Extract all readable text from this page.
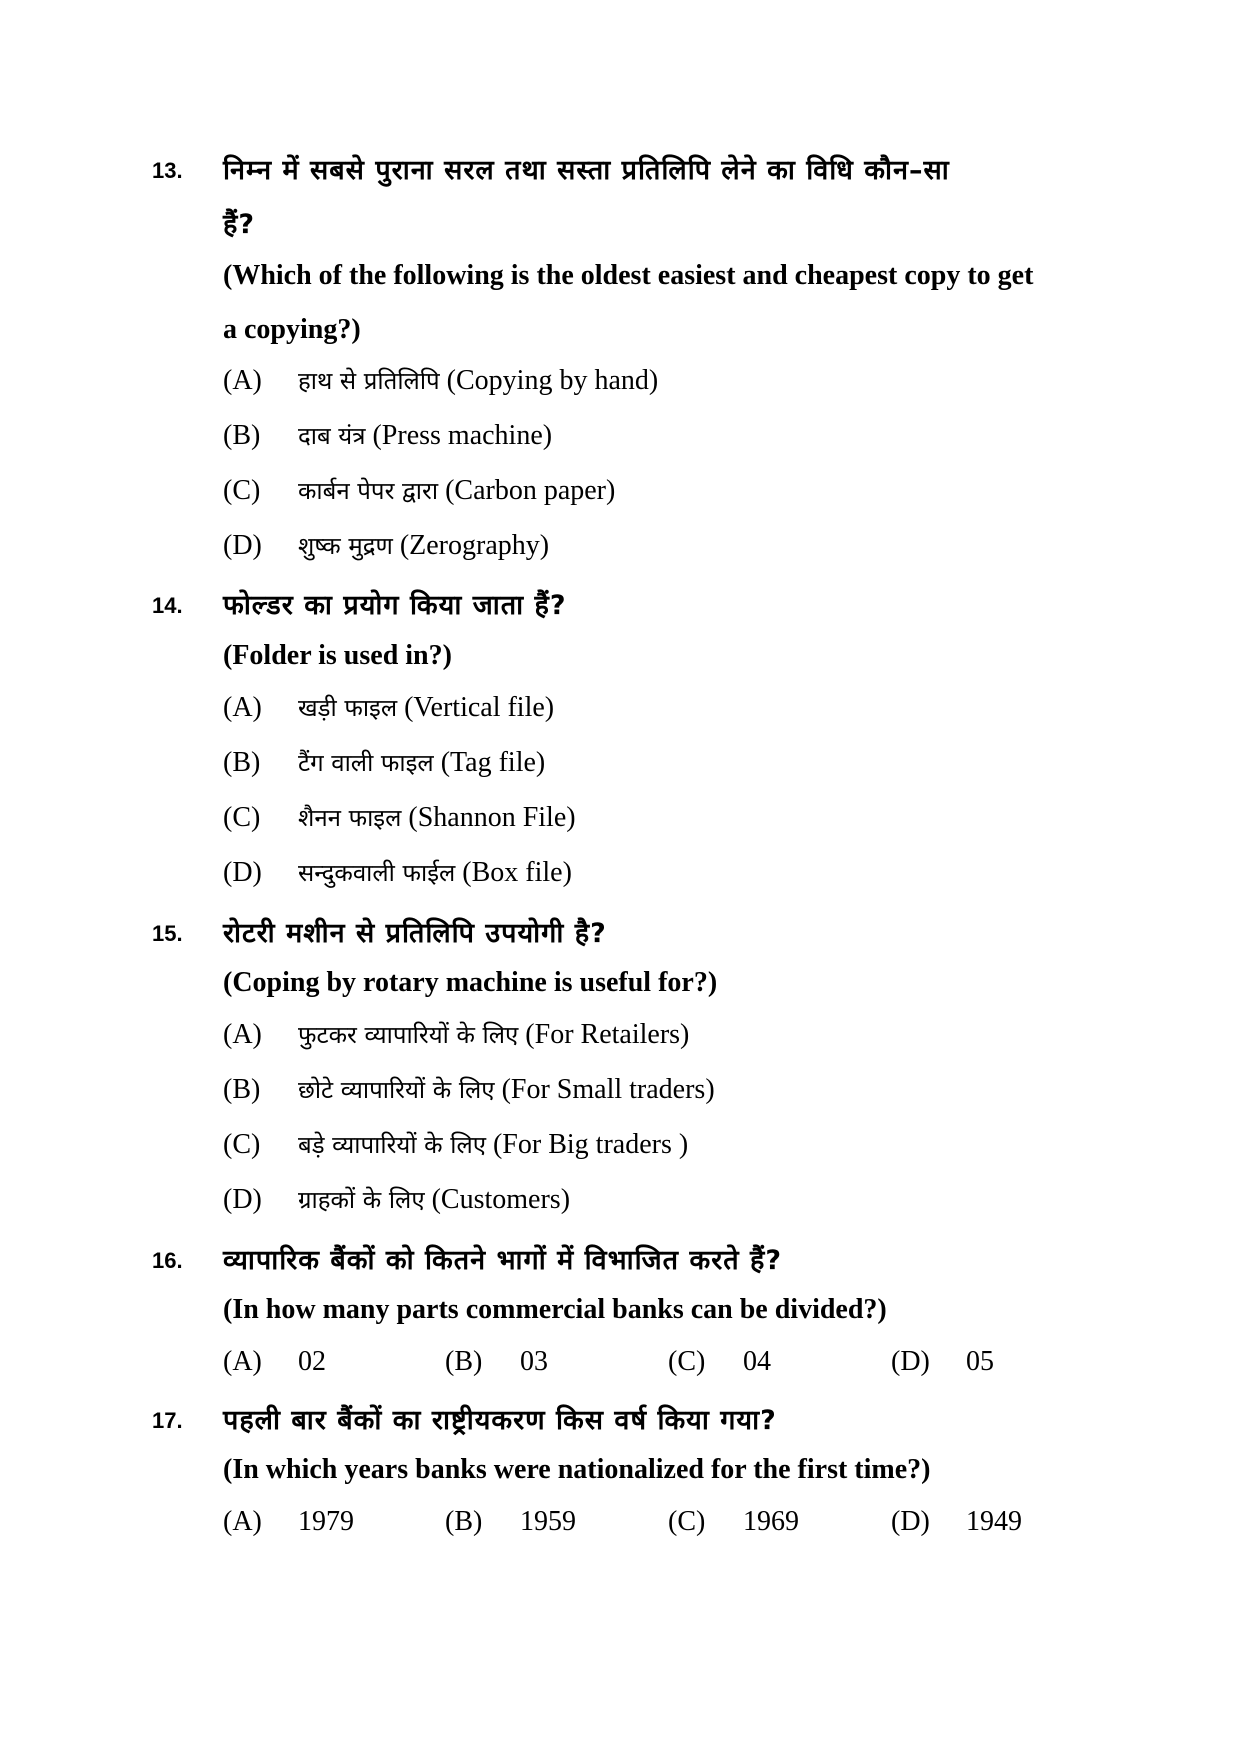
13. निम्न में सबसे पुराना सरल तथा सस्ता प्रतिलिपि लेने का विधि कौन–सा
हैं?
(Which of the following is the oldest easiest and cheapest copy to get
a copying?)
(A) हाथ से प्रतिलिपि (Copying by hand)
(B) दाब यंत्र (Press machine)
(C) कार्बन पेपर द्वारा (Carbon paper)
(D) शुष्क मुद्रण (Zerography)
14. फोल्डर का प्रयोग किया जाता हैं?
(Folder is used in?)
(A) खड़ी फाइल (Vertical file)
(B) टैंग वाली फाइल (Tag file)
(C) शैनन फाइल (Shannon File)
(D) सन्दुकवाली फाईल (Box file)
15. रोटरी मशीन से प्रतिलिपि उपयोगी है?
(Coping by rotary machine is useful for?)
(A) फुटकर व्यापारियों के लिए (For Retailers)
(B) छोटे व्यापारियों के लिए (For Small traders)
(C) बड़े व्यापारियों के लिए (For Big traders )
(D) ग्राहकों के लिए (Customers)
16. व्यापारिक बैंकों को कितने भागों में विभाजित करते हैं?
(In how many parts commercial banks can be divided?)
(A) 02	(B) 03	(C) 04	(D) 05
17. पहली बार बैंकों का राष्ट्रीयकरण किस वर्ष किया गया?
(In which years banks were nationalized for the first time?)
(A) 1979	(B) 1959	(C) 1969	(D) 1949
